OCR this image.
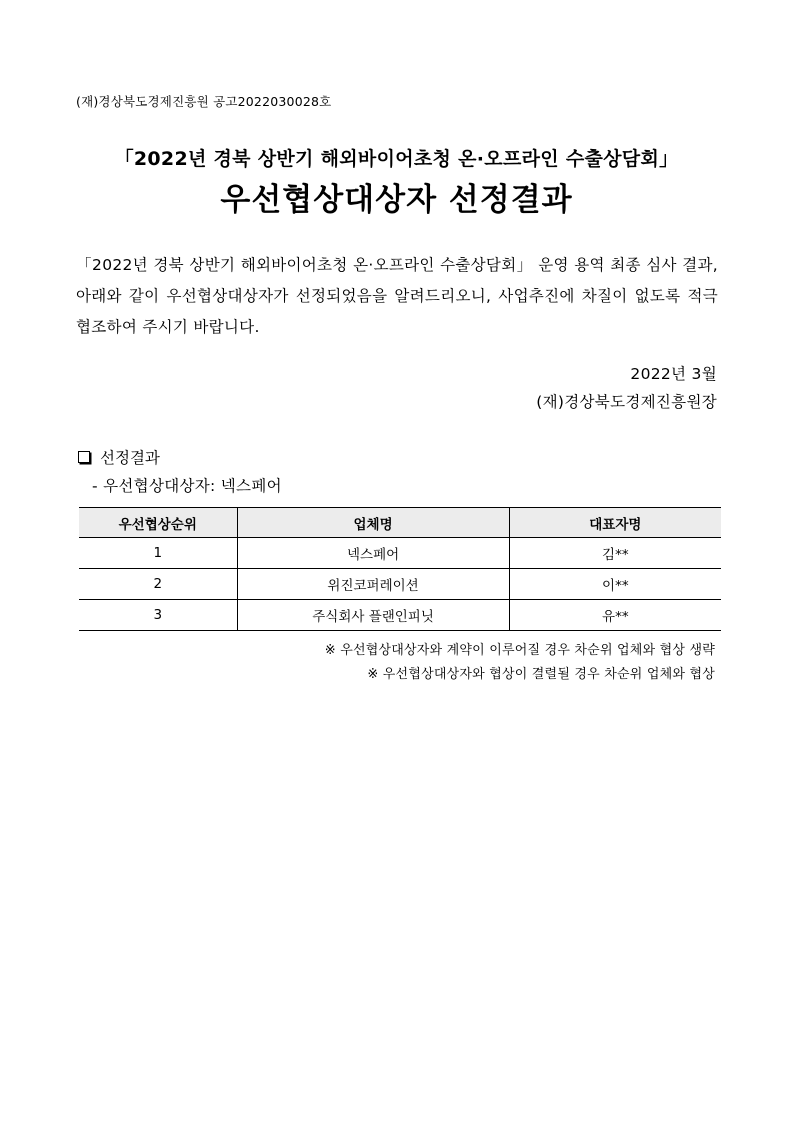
(재)경상북도경제진흥원 공고2022030028호
「2022년 경북 상반기 해외바이어초청 온·오프라인 수출상담회」
우선협상대상자 선정결과
「2022년 경북 상반기 해외바이어초청 온·오프라인 수출상담회」 운영 용역 최종 심사 결과, 아래와 같이 우선협상대상자가 선정되었음을 알려드리오니, 사업추진에 차질이 없도록 적극 협조하여 주시기 바랍니다.
2022년 3월
(재)경상북도경제진흥원장
선정결과
- 우선협상대상자: 넥스페어
우선협상순위	업체명	대표자명
1	넥스페어	김**
2	위진코퍼레이션	이**
3	주식회사 플랜인피닛	유**
※ 우선협상대상자와 계약이 이루어질 경우 차순위 업체와 협상 생략
※ 우선협상대상자와 협상이 결렬될 경우 차순위 업체와 협상
